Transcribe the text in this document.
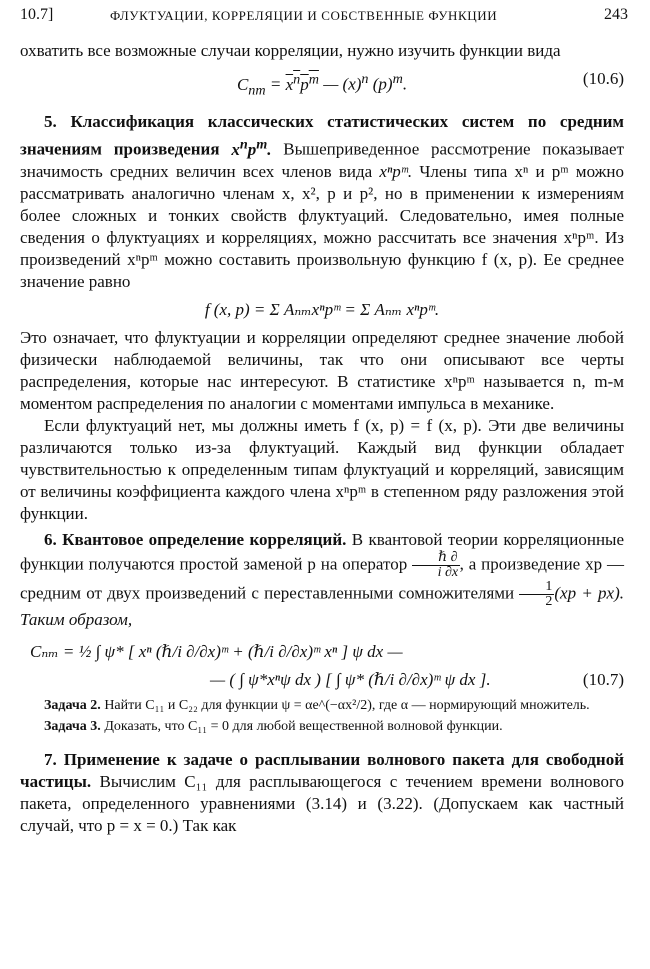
10.7]	ФЛУКТУАЦИИ, КОРРЕЛЯЦИИ И СОБСТВЕННЫЕ ФУНКЦИИ	243

охватить все возможные случаи корреляции, нужно изучить функции вида

$C_{nm} = x^np^m$ — $(x)^n$ $(p)^m$.	(10.6)

5. Классификация классических статистических систем по средним значениям произведения $x^np^m$. Вышеприведенное рассмотрение показывает значимость средних величин всех членов вида xⁿpᵐ. Члены типа xⁿ и pᵐ можно рассматривать аналогично членам x, x², p и p², но в применении к измерениям более сложных и тонких свойств флуктуаций. Следовательно, имея полные сведения о флуктуациях и корреляциях, можно рассчитать все значения xⁿpᵐ. Из произведений xⁿpᵐ можно составить произвольную функцию f (x, p). Ее среднее значение равно

f (x, p) = Σ Aₙₘxⁿpᵐ = Σ Aₙₘ xⁿpᵐ.

Это означает, что флуктуации и корреляции определяют среднее значение любой физически наблюдаемой величины, так что они описывают все черты распределения, которые нас интересуют. В статистике xⁿpᵐ называется n, m-м моментом распределения по аналогии с моментами импульса в механике.

Если флуктуаций нет, мы должны иметь f (x, p) = f (x, p). Эти две величины различаются только из-за флуктуаций. Каждый вид функции обладает чувствительностью к определенным типам флуктуаций и корреляций, зависящим от величины коэффициента каждого члена xⁿpᵐ в степенном ряду разложения этой функции.

6. Квантовое определение корреляций. В квантовой теории корреляционные функции получаются простой заменой p на оператор $\frac{\text{ℏ ∂}}{i \partial x}$ , а произведение xp — средним от двух произведений с переставленными сомножителями $\frac{1}{2} (xp + px)$. Таким образом,

Cₙₘ = ½ ∫ ψ* [ xⁿ (ℏ/i ∂/∂x)ᵐ + (ℏ/i ∂/∂x)ᵐ xⁿ ] ψ dx —
— ( ∫ ψ*xⁿψ dx ) [ ∫ ψ* (ℏ/i ∂/∂x)ᵐ ψ dx ].	(10.7)

Задача 2. Найти C₁₁ и C₂₂ для функции ψ = αe^(−αx²/2), где α — нормирующий множитель.

Задача 3. Доказать, что C₁₁ = 0 для любой вещественной волновой функции.

7. Применение к задаче о расплывании волнового пакета для свободной частицы. Вычислим C₁₁ для расплывающегося с течением времени волнового пакета, определенного уравнениями (3.14) и (3.22). (Допускаем как частный случай, что p = x = 0.) Так как
